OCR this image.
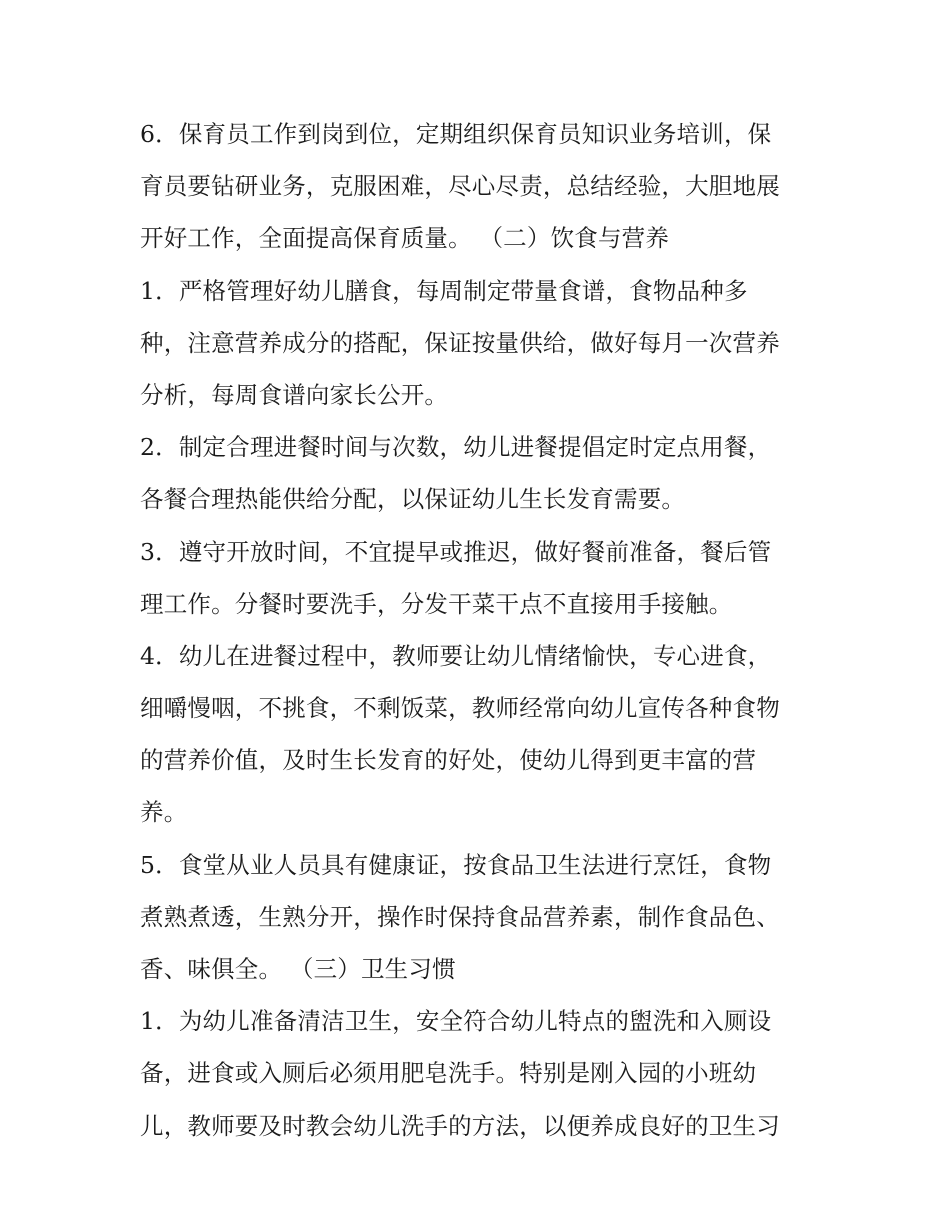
6．保育员工作到岗到位，定期组织保育员知识业务培训，保
育员要钻研业务，克服困难，尽心尽责，总结经验，大胆地展
开好工作，全面提高保育质量。 （二）饮食与营养
1．严格管理好幼儿膳食，每周制定带量食谱，食物品种多
种，注意营养成分的搭配，保证按量供给，做好每月一次营养
分析，每周食谱向家长公开。
2．制定合理进餐时间与次数，幼儿进餐提倡定时定点用餐，
各餐合理热能供给分配，以保证幼儿生长发育需要。
3．遵守开放时间，不宜提早或推迟，做好餐前准备，餐后管
理工作。分餐时要洗手，分发干菜干点不直接用手接触。
4．幼儿在进餐过程中，教师要让幼儿情绪愉快，专心进食，
细嚼慢咽，不挑食，不剩饭菜，教师经常向幼儿宣传各种食物
的营养价值，及时生长发育的好处，使幼儿得到更丰富的营
养。
5．食堂从业人员具有健康证，按食品卫生法进行烹饪，食物
煮熟煮透，生熟分开，操作时保持食品营养素，制作食品色、
香、味俱全。 （三）卫生习惯
1．为幼儿准备清洁卫生，安全符合幼儿特点的盥洗和入厕设
备，进食或入厕后必须用肥皂洗手。特别是刚入园的小班幼
儿，教师要及时教会幼儿洗手的方法，以便养成良好的卫生习
